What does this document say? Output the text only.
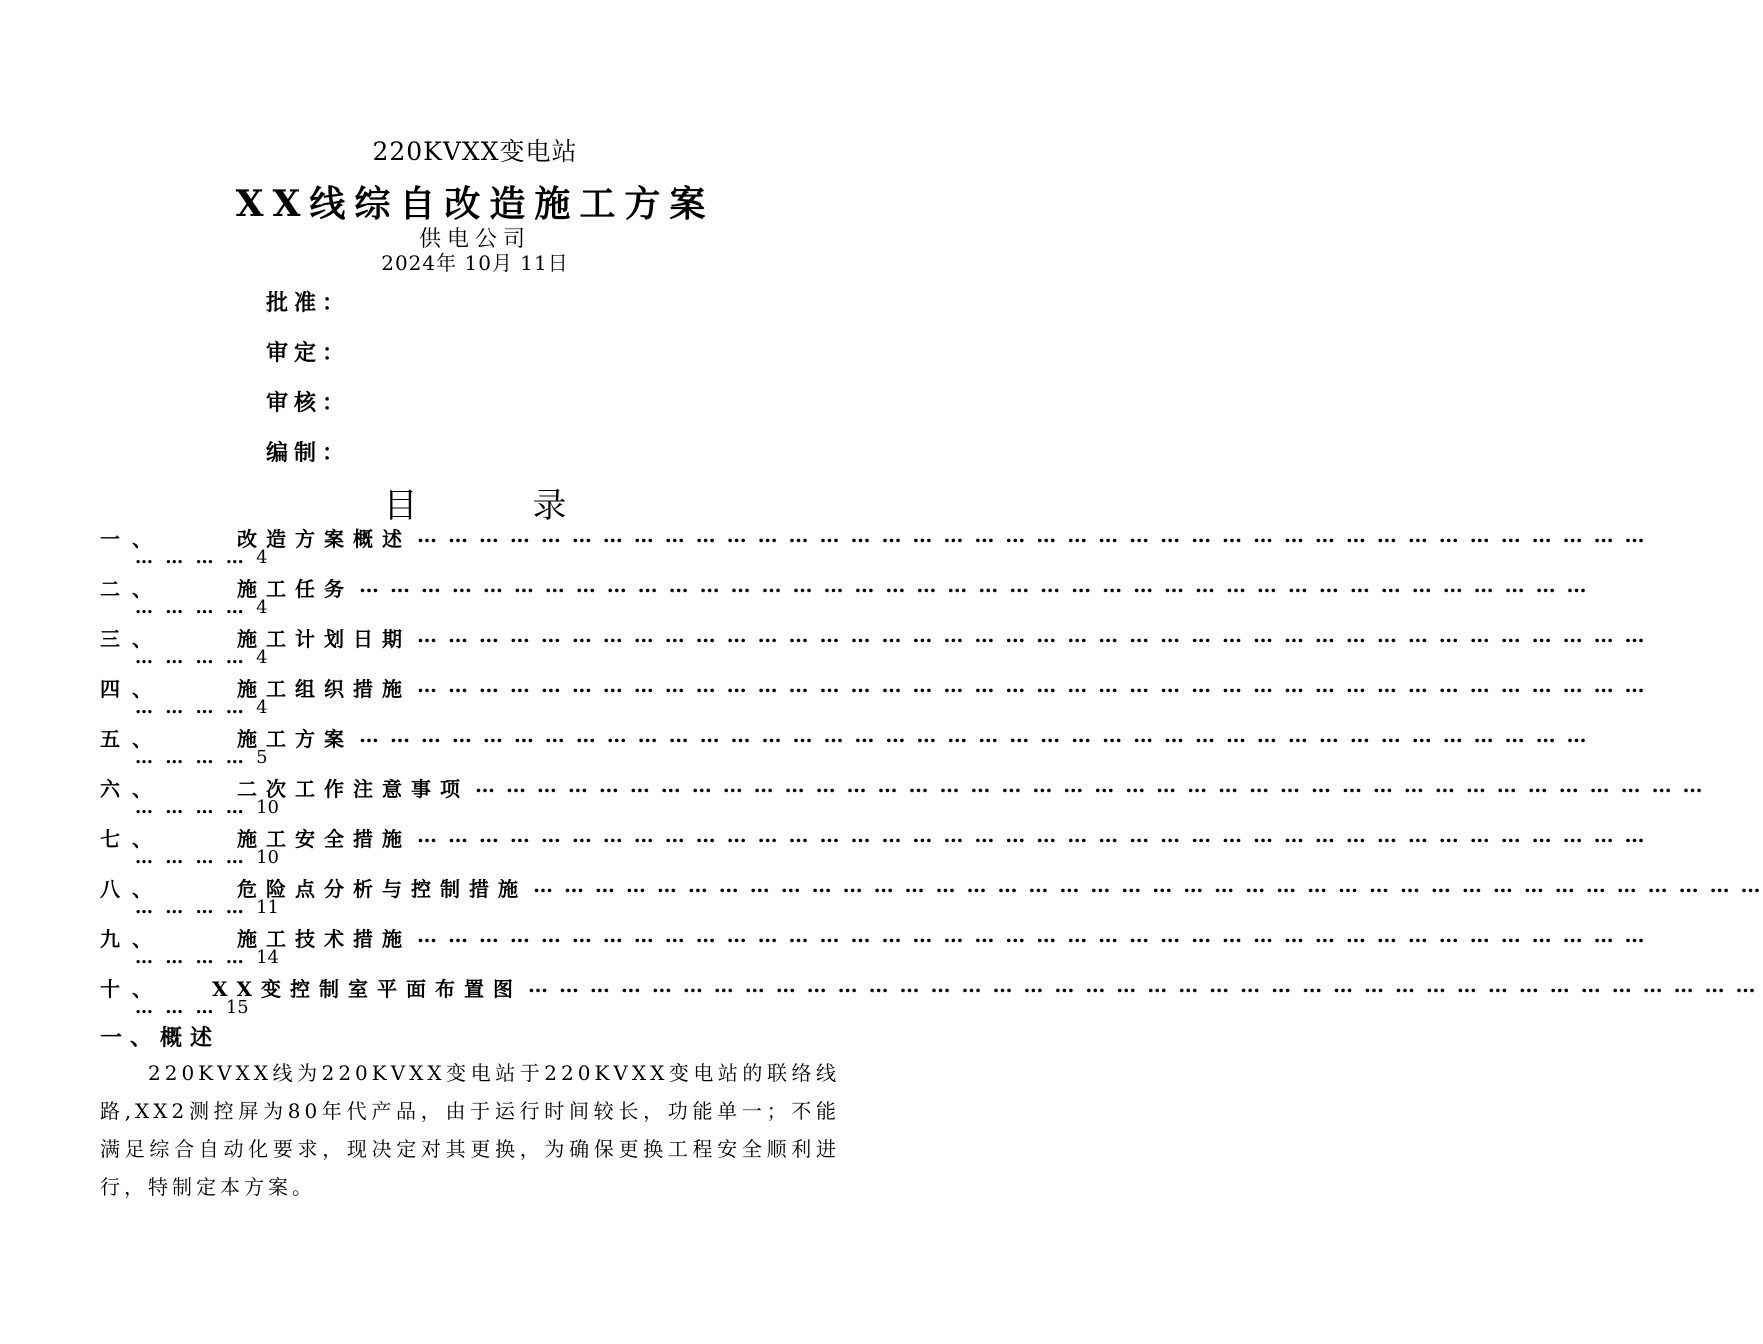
220KVXX变电站
XX线综自改造施工方案
供电公司
2024年 10月 11日
批准：
审定：
审核：
编制：
目	录
一、	改造方案概述 … … … … … … … … … … … … … … … … … … … … … … … … … … … … … … … … … … … … … … … …
… … … … 4
二、	施工任务 … … … … … … … … … … … … … … … … … … … … … … … … … … … … … … … … … … … … … … … …
… … … … 4
三、	施工计划日期 … … … … … … … … … … … … … … … … … … … … … … … … … … … … … … … … … … … … … … … …
… … … … 4
四、	施工组织措施 … … … … … … … … … … … … … … … … … … … … … … … … … … … … … … … … … … … … … … … …
… … … … 4
五、	施工方案 … … … … … … … … … … … … … … … … … … … … … … … … … … … … … … … … … … … … … … … …
… … … … 5
六、	二次工作注意事项 … … … … … … … … … … … … … … … … … … … … … … … … … … … … … … … … … … … … … … … …
… … … … 10
七、	施工安全措施 … … … … … … … … … … … … … … … … … … … … … … … … … … … … … … … … … … … … … … … …
… … … … 10
八、	危险点分析与控制措施 … … … … … … … … … … … … … … … … … … … … … … … … … … … … … … … … … … … … … … … …
… … … … 11
九、	施工技术措施 … … … … … … … … … … … … … … … … … … … … … … … … … … … … … … … … … … … … … … … …
… … … … 14
十、 XX变控制室平面布置图 … … … … … … … … … … … … … … … … … … … … … … … … … … … … … … … … … … … … … … … …
… … … 15
一、概述
220KVXX线为220KVXX变电站于220KVXX变电站的联络线路,XX2测控屏为80年代产品，由于运行时间较长，功能单一；不能满足综合自动化要求，现决定对其更换，为确保更换工程安全顺利进行，特制定本方案。
